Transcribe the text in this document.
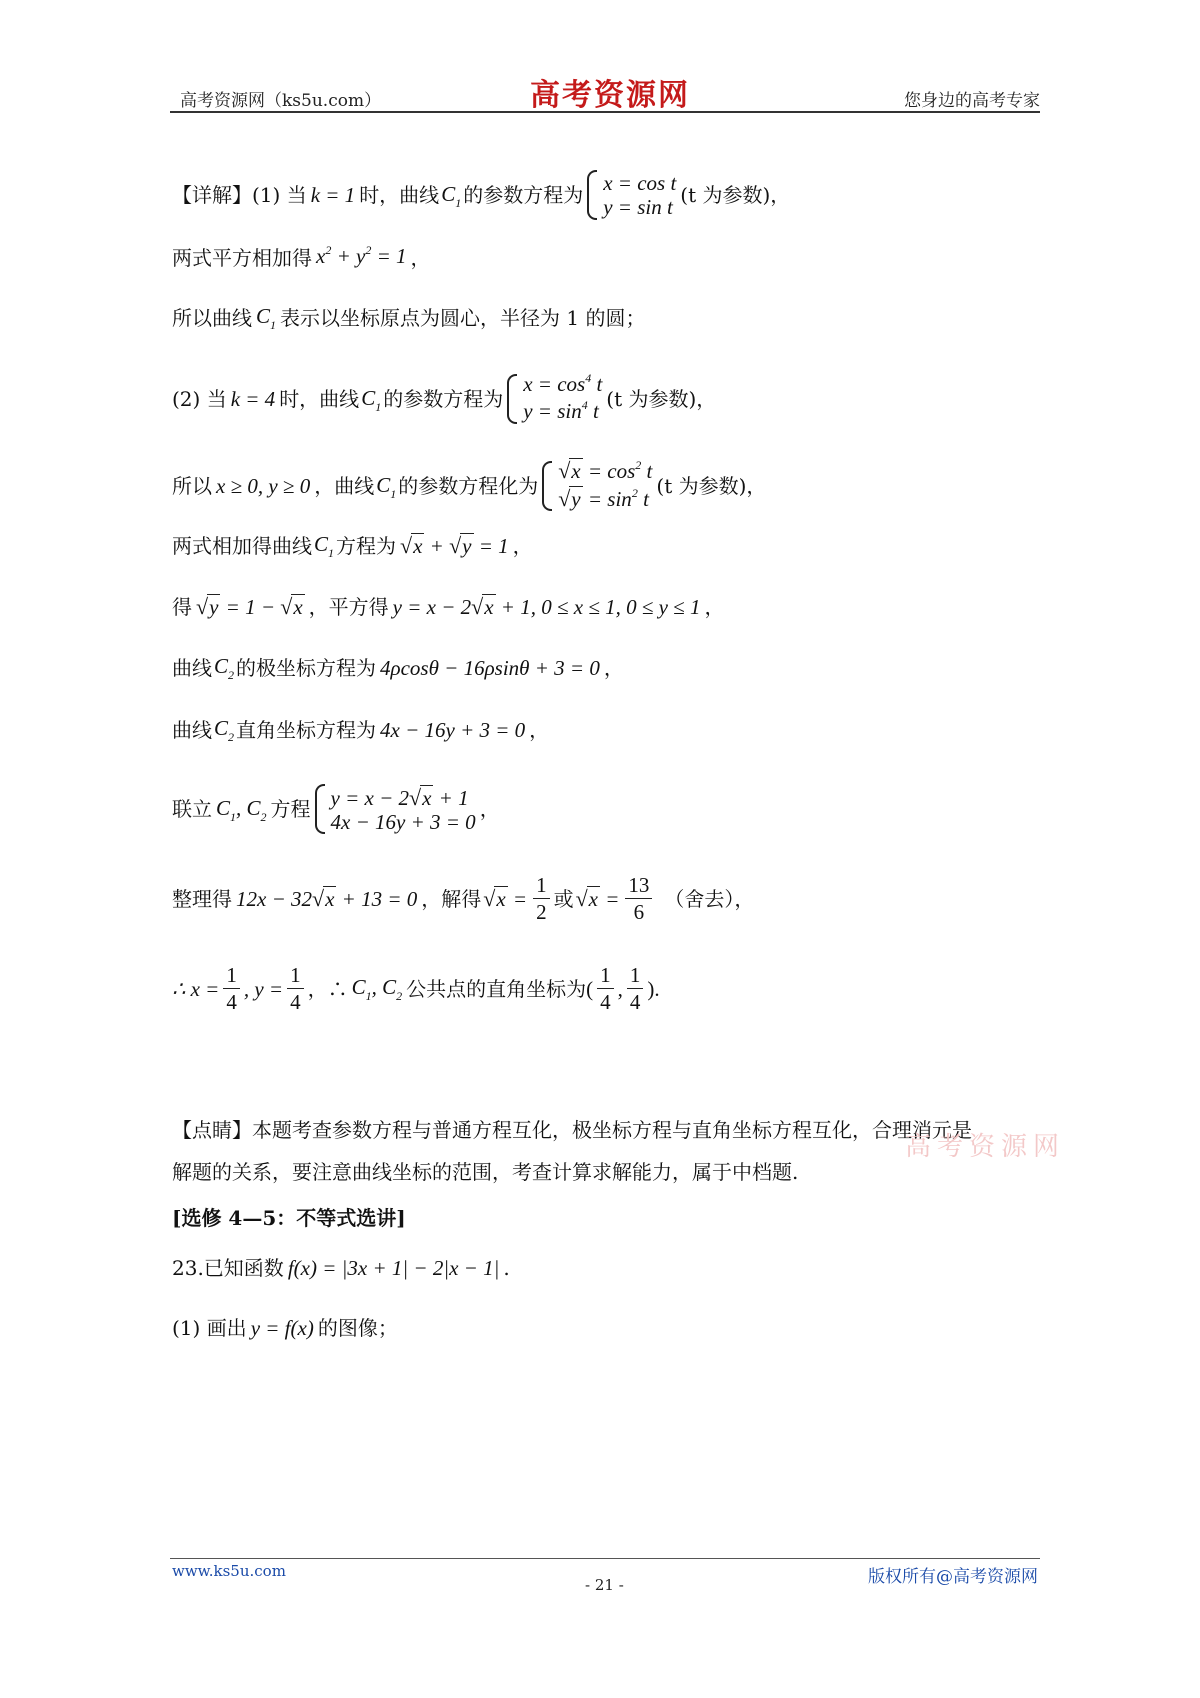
高考资源网（ks5u.com）	高考资源网	您身边的高考专家
【详解】 (1) 当 k = 1 时，曲线 $C_1$ 的参数方程为 x = cos t
y = sin t (t 为参数)，
两式平方相加得 $x^2 + y^2 = 1$ ，
所以曲线 $C_1$ 表示以坐标原点为圆心，半径为 1 的圆；
(2) 当 k = 4 时，曲线 $C_1$ 的参数方程为
$x = \cos^4 t$
$y = \sin^4 t$ (t 为参数)，
所以 x ≥ 0, y ≥ 0 ，曲线 $C_1$ 的参数方程化为
√ $x = \cos^2 t$
√ $y = \sin^2 t$
(t 为参数)，
两式相加得曲线 $C_1$ 方程为 √ x + √ y = 1 ，
得 √ y = 1 − √ x ，平方得 y = x − 2 √ x + 1, 0 ≤ x ≤ 1, 0 ≤ y ≤ 1 ，
曲线 $C_2$ 的极坐标方程为 4ρcosθ − 16ρsinθ + 3 = 0 ，
曲线 $C_2$ 直角坐标方程为 4x − 16y + 3 = 0 ，
联立 $C_1$, $C_2$ 方程 y = x − 2 √ x + 1
4x − 16y + 3 = 0
，
整理得 12x − 32 √ x + 13 = 0 ，解得 √ $x = \frac{1}{2}$ 或 √ $x = \frac{13}{6}$ （舍去），
∴ $x = \frac{1}{4}$ , $y = \frac{1}{4}$ ，∴ $C_1$, $C_2$ 公共点的直角坐标为 ( $\frac{1}{4}$ , $\frac{1}{4}$ ).
【点睛】 本题考查参数方程与普通方程互化，极坐标方程与直角坐标方程互化，合理消元是
高考资源网
解题的关系，要注意曲线坐标的范围，考查计算求解能力，属于中档题.
[选修 4—5：不等式选讲]
23.已知函数 f(x) = |3x + 1| − 2|x − 1| .
(1) 画出 y = f(x) 的图像；
www.ks5u.com
- 21 -	版权所有@高考资源网
